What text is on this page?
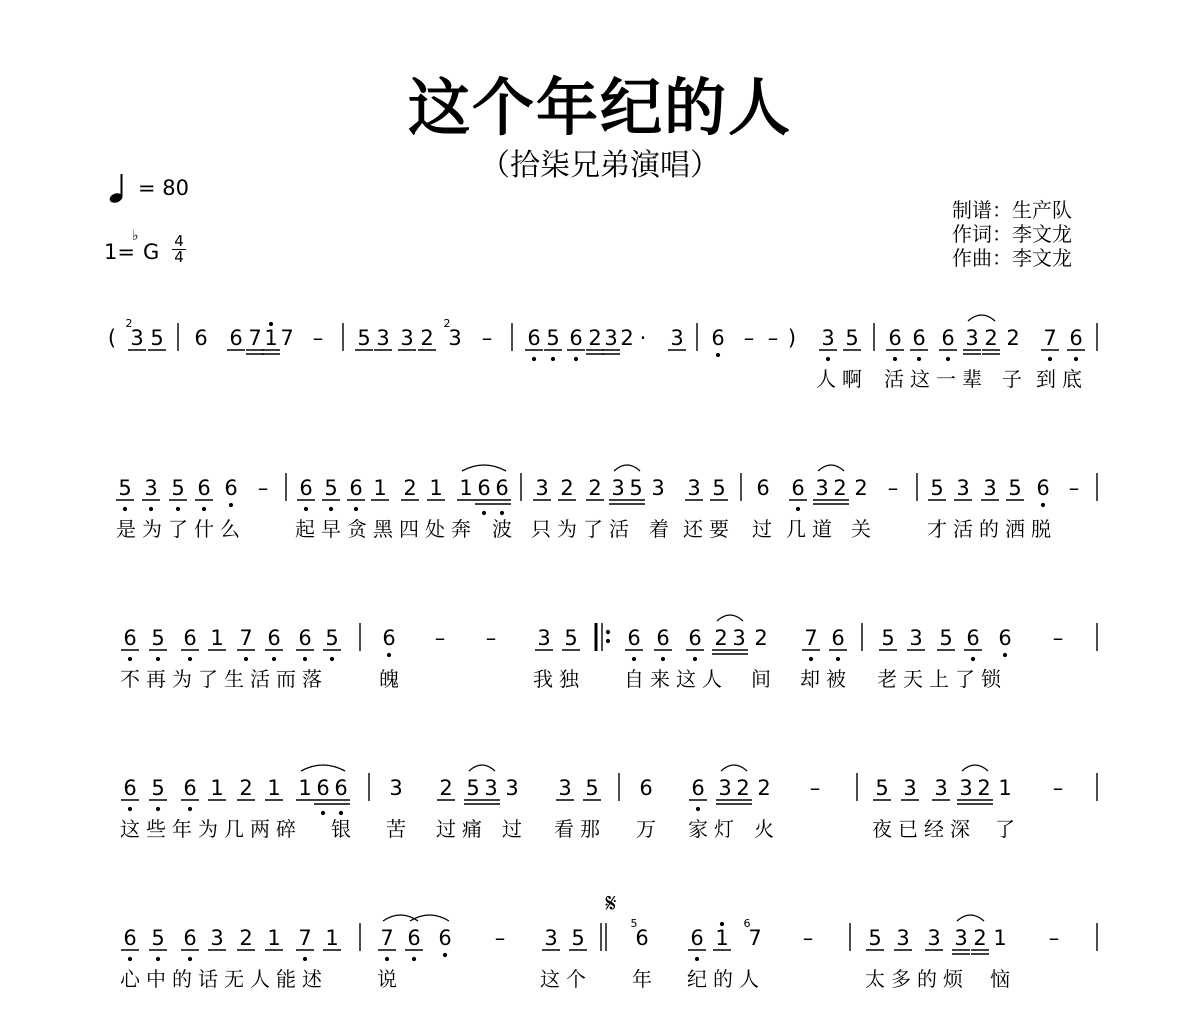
这个年纪的人
（拾柒兄弟演唱）
= 80
1= G
♭ 4
4
制谱：生产队
作词：李文龙
作曲：李文龙
( 3
2
5 6 6 7 1 7 – 5 3 3 2 3
2
– 6 5 6 2 3 2 · 3 6 – – ) 3 5 6 6 6 3 2 2 7 6
5 3 5 6 6 – 6 5 6 1 2 1 1 6 6 3 2 2 3 5 3 3 5 6 6 3 2 2 – 5 3 3 5 6 –
6 5 6 1 7 6 6 5 6 – – 3 5 6 6 6 2 3 2 7 6 5 3 5 6 6 –
6 5 6 1 2 1 1 6 6 3 2 5 3 3 3 5 6 6 3 2 2 –	5 3 3 3 2 1 –
6 5 6 3 2 1 7 1 7 6 6 – 3 5 6
5
6 1 7
6
–	5 3 3 3 2 1 –
人啊 活这一辈 子 到底
是为了什么 起早贪黑四处奔 波 只为了活 着 还要 过 几道 关	才活的洒脱
不再为了生活而落	魄	我独 自来这人 间 却被 老天上了锁
这些年为几两碎 银 苦 过痛 过 看那 万 家灯 火	夜已经深 了
心中的话无人能述 说	这个 年 纪的人	太多的烦 恼
𝄋
